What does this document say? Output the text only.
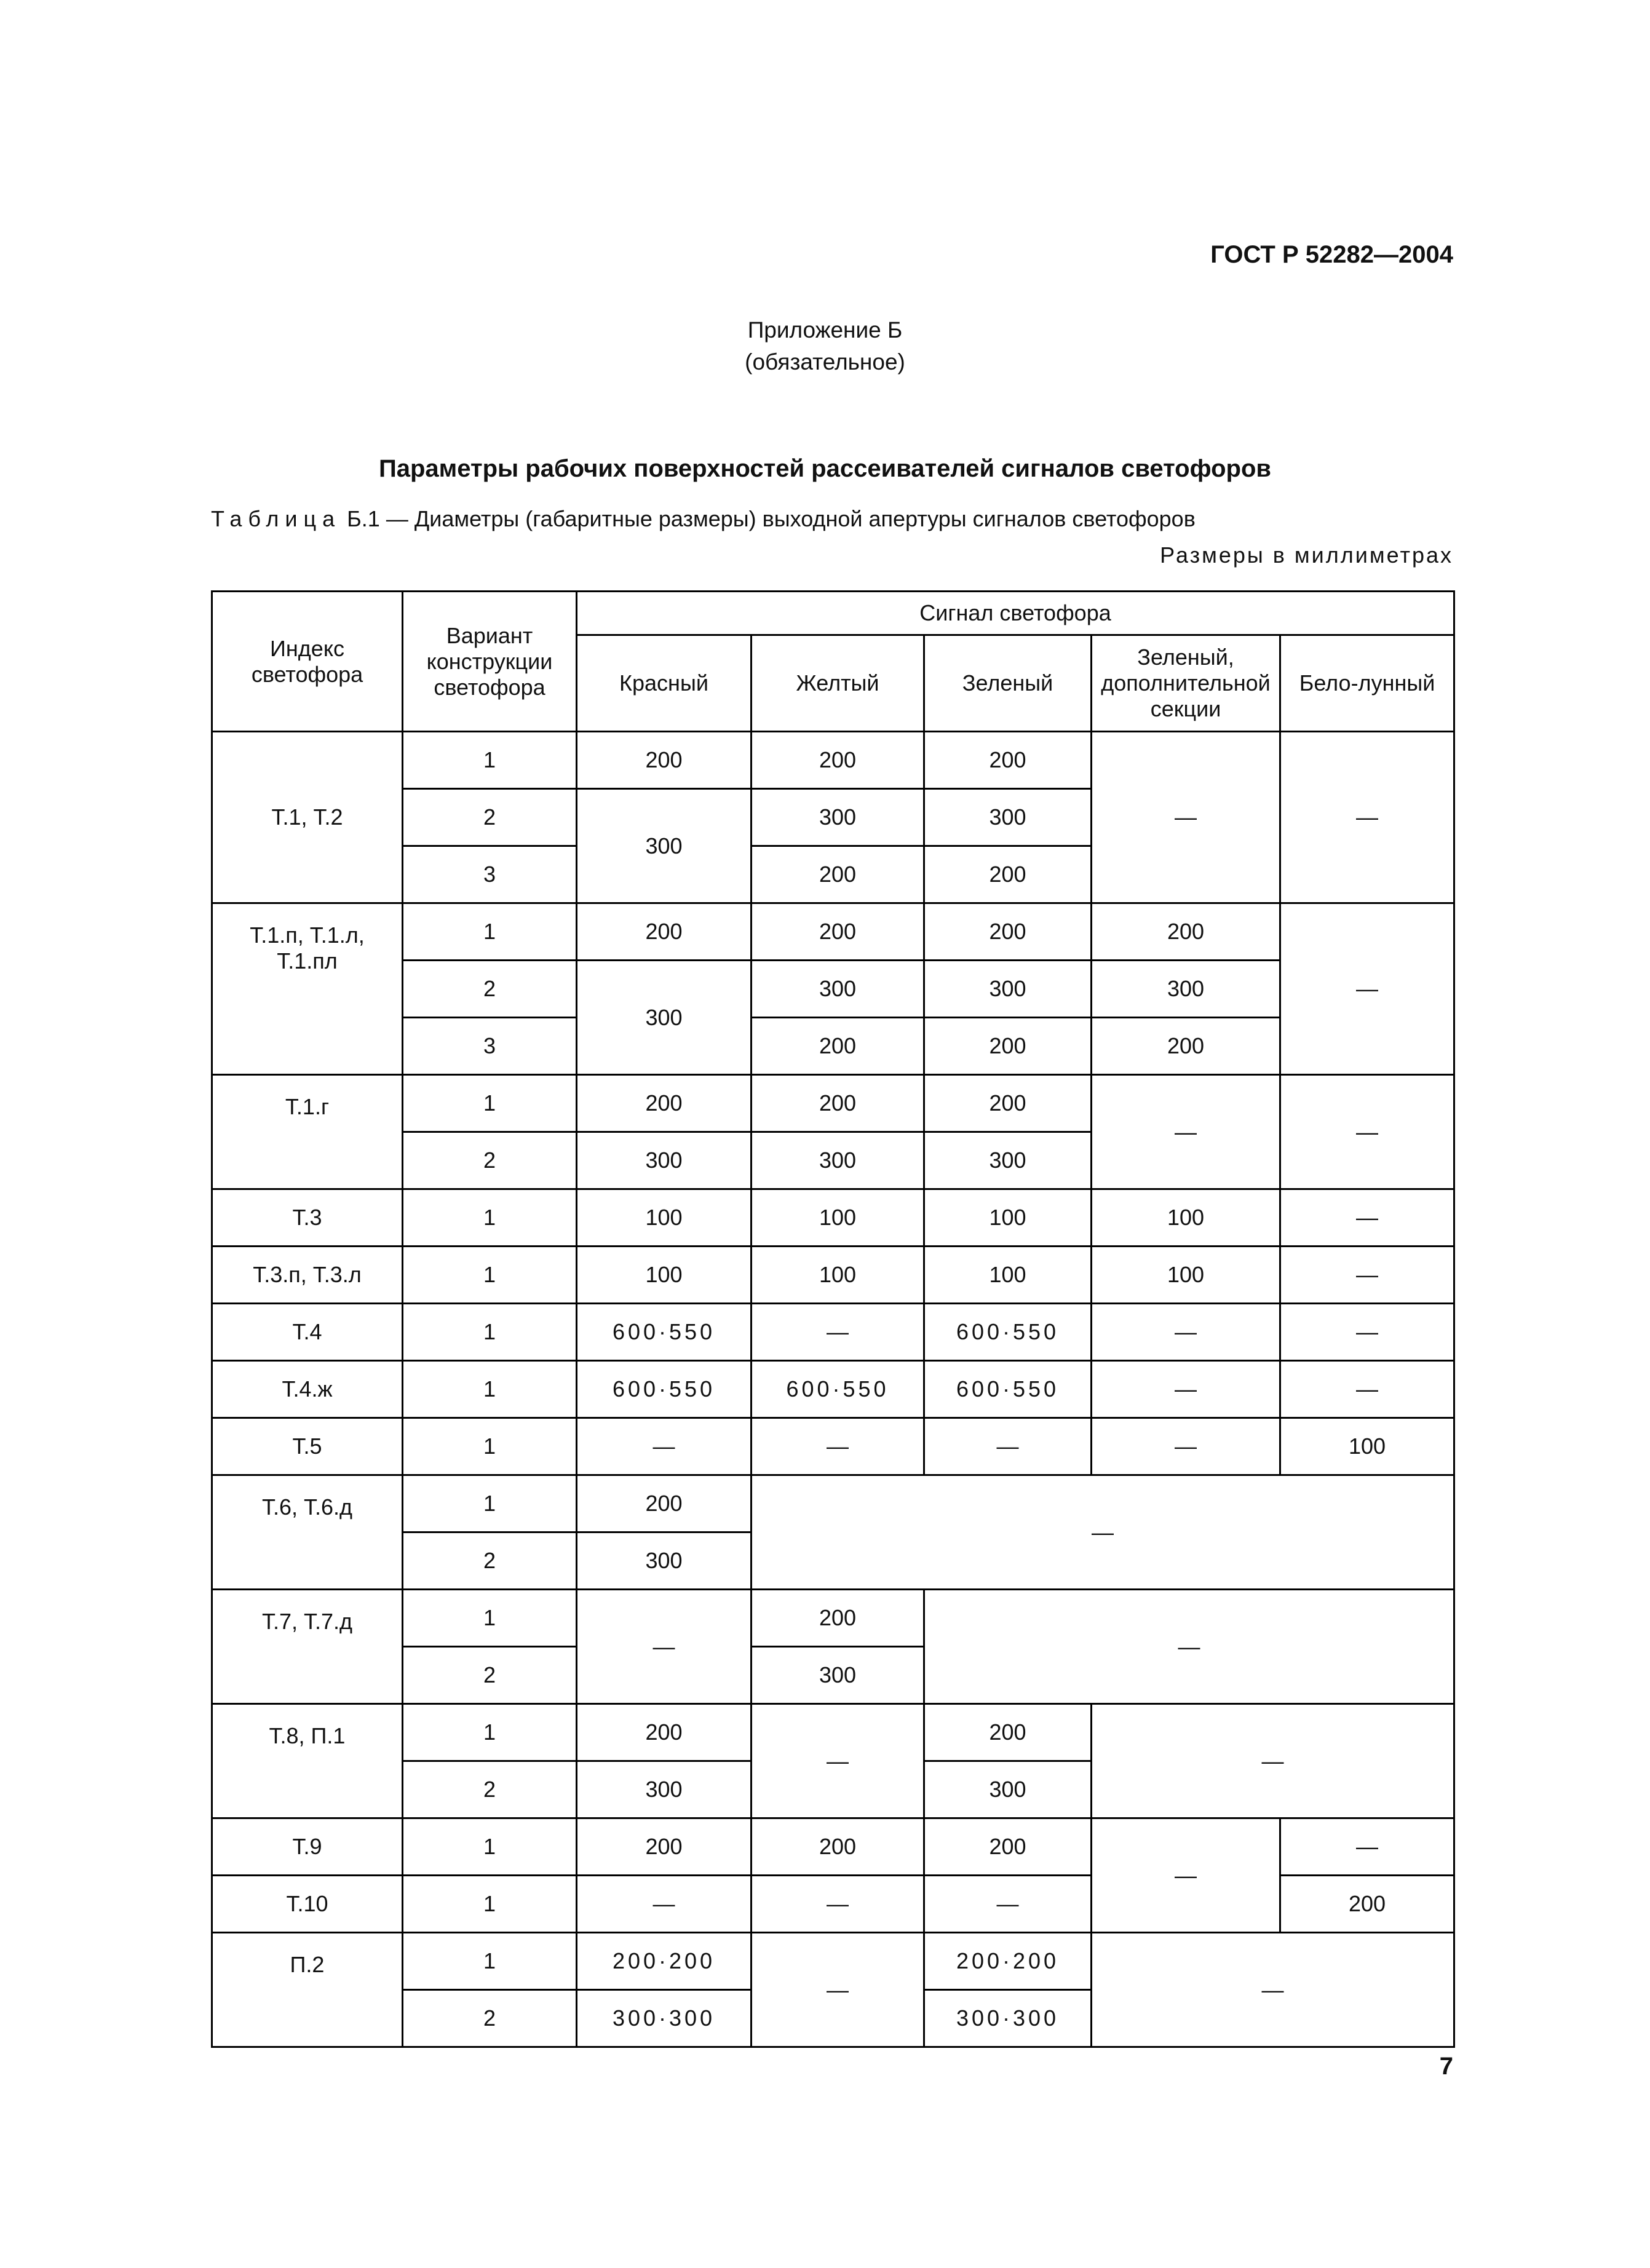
ГОСТ Р 52282—2004
Приложение Б
(обязательное)
Параметры рабочих поверхностей рассеивателей сигналов светофоров
Таблица Б.1 — Диаметры (габаритные размеры) выходной апертуры сигналов светофоров
Размеры в миллиметрах
Индекс светофора	Вариант конструкции светофора	Сигнал светофора				
		Красный	Желтый	Зеленый	Зеленый, дополнительной секции	Бело-лунный
Т.1, Т.2	1	200	200	200	—	—
	2	300	300	300		
	3		200	200		
Т.1.п, Т.1.л, Т.1.пл	1	200	200	200	200	—
	2	300	300	300	300	
	3		200	200	200	
Т.1.г	1	200	200	200	—	—
	2	300	300	300		
Т.3	1	100	100	100	100	—
Т.3.п, Т.3.л	1	100	100	100	100	—
Т.4	1	600·550	—	600·550	—	—
Т.4.ж	1	600·550	600·550	600·550	—	—
Т.5	1	—	—	—	—	100
Т.6, Т.6.д	1	200	—			
	2	300				
Т.7, Т.7.д	1	—	200	—		
	2		300			
Т.8, П.1	1	200	—	200	—	
	2	300		300		
Т.9	1	200	200	200	—	—
Т.10	1	—	—	—		200
П.2	1	200·200	—	200·200	—	
	2	300·300		300·300		
7
